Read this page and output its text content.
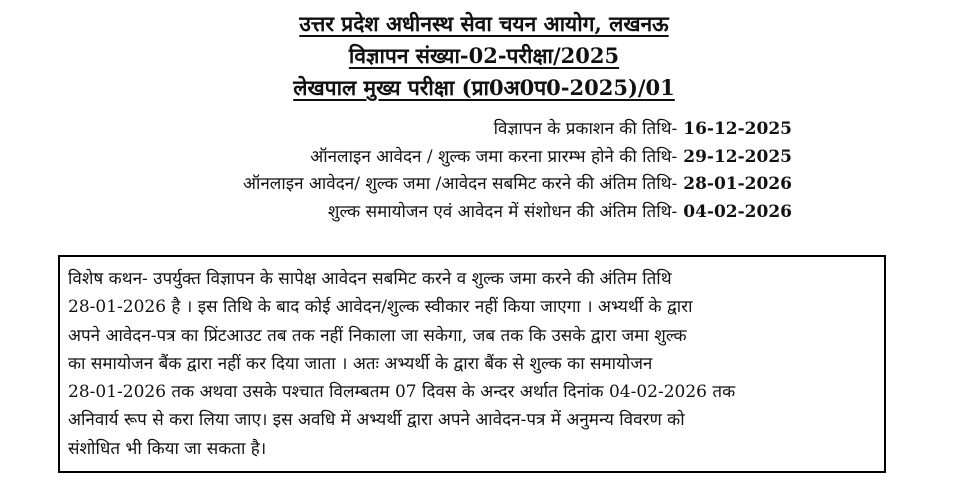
उत्तर प्रदेश अधीनस्थ सेवा चयन आयोग, लखनऊ
विज्ञापन संख्या-02-परीक्षा/2025
लेखपाल मुख्य परीक्षा (प्रा0अ0प0-2025)/01
विज्ञापन के प्रकाशन की तिथि- 16-12-2025
ऑनलाइन आवेदन / शुल्क जमा करना प्रारम्भ होने की तिथि- 29-12-2025
ऑनलाइन आवेदन/ शुल्क जमा /आवेदन सबमिट करने की अंतिम तिथि- 28-01-2026
शुल्क समायोजन एवं आवेदन में संशोधन की अंतिम तिथि- 04-02-2026

विशेष कथन- उपर्युक्त विज्ञापन के सापेक्ष आवेदन सबमिट करने व शुल्क जमा करने की अंतिम तिथि
28-01-2026 है । इस तिथि के बाद कोई आवेदन/शुल्क स्वीकार नहीं किया जाएगा । अभ्यर्थी के द्वारा
अपने आवेदन-पत्र का प्रिंटआउट तब तक नहीं निकाला जा सकेगा, जब तक कि उसके द्वारा जमा शुल्क
का समायोजन बैंक द्वारा नहीं कर दिया जाता । अतः अभ्यर्थी के द्वारा बैंक से शुल्क का समायोजन
28-01-2026 तक अथवा उसके पश्चात विलम्बतम 07 दिवस के अन्दर अर्थात दिनांक 04-02-2026 तक
अनिवार्य रूप से करा लिया जाए। इस अवधि में अभ्यर्थी द्वारा अपने आवेदन-पत्र में अनुमन्य विवरण को
संशोधित भी किया जा सकता है।
